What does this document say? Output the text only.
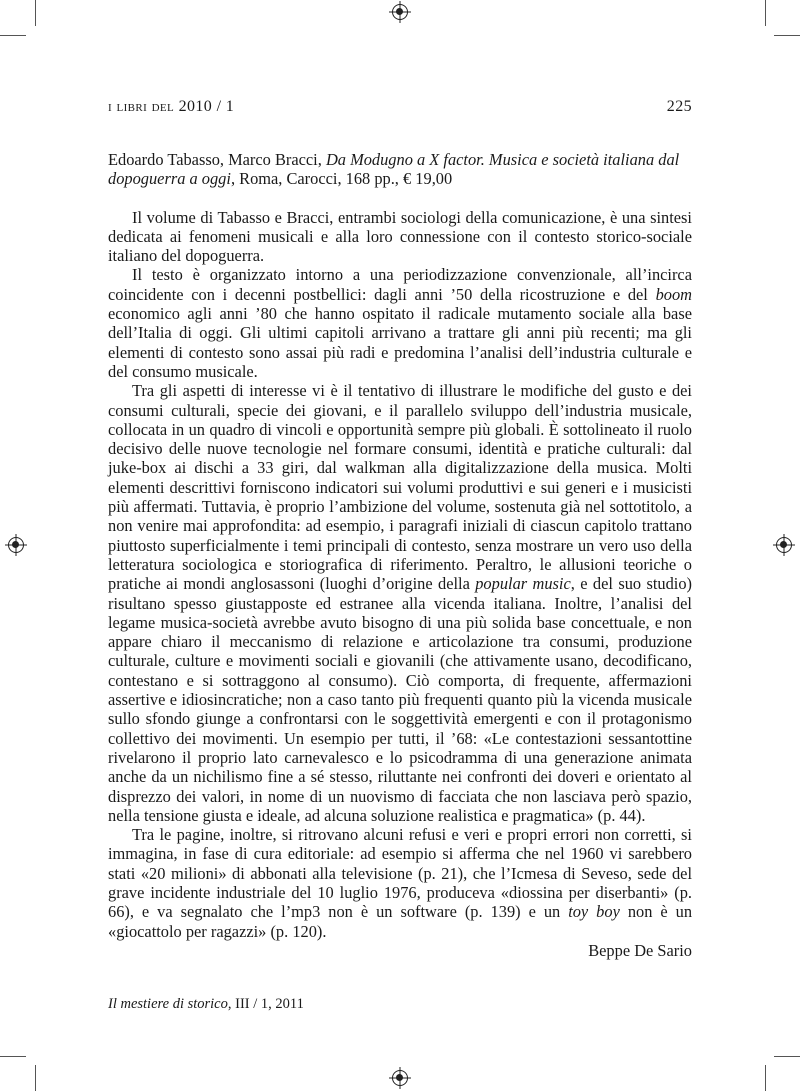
i libri del 2010 / 1	225

Edoardo Tabasso, Marco Bracci, Da Modugno a X factor. Musica e società italiana dal dopoguerra a oggi, Roma, Carocci, 168 pp., € 19,00

Il volume di Tabasso e Bracci, entrambi sociologi della comunicazione, è una sintesi dedicata ai fenomeni musicali e alla loro connessione con il contesto storico-sociale italiano del dopoguerra.

Il testo è organizzato intorno a una periodizzazione convenzionale, all’incirca coincidente con i decenni postbellici: dagli anni ’50 della ricostruzione e del boom economico agli anni ’80 che hanno ospitato il radicale mutamento sociale alla base dell’Italia di oggi. Gli ultimi capitoli arrivano a trattare gli anni più recenti; ma gli elementi di contesto sono assai più radi e predomina l’analisi dell’industria culturale e del consumo musicale.

Tra gli aspetti di interesse vi è il tentativo di illustrare le modifiche del gusto e dei consumi culturali, specie dei giovani, e il parallelo sviluppo dell’industria musicale, collocata in un quadro di vincoli e opportunità sempre più globali. È sottolineato il ruolo decisivo delle nuove tecnologie nel formare consumi, identità e pratiche culturali: dal juke-box ai dischi a 33 giri, dal walkman alla digitalizzazione della musica. Molti elementi descrittivi forniscono indicatori sui volumi produttivi e sui generi e i musicisti più affermati. Tuttavia, è proprio l’ambizione del volume, sostenuta già nel sottotitolo, a non venire mai approfondita: ad esempio, i paragrafi iniziali di ciascun capitolo trattano piuttosto superficialmente i temi principali di contesto, senza mostrare un vero uso della letteratura sociologica e storiografica di riferimento. Peraltro, le allusioni teoriche o pratiche ai mondi anglosassoni (luoghi d’origine della popular music, e del suo studio) risultano spesso giustapposte ed estranee alla vicenda italiana. Inoltre, l’analisi del legame musica-società avrebbe avuto bisogno di una più solida base concettuale, e non appare chiaro il meccanismo di relazione e articolazione tra consumi, produzione culturale, culture e movimenti sociali e giovanili (che attivamente usano, decodificano, contestano e si sottraggono al consumo). Ciò comporta, di frequente, affermazioni assertive e idiosincratiche; non a caso tanto più frequenti quanto più la vicenda musicale sullo sfondo giunge a confrontarsi con le soggettività emergenti e con il protagonismo collettivo dei movimenti. Un esempio per tutti, il ’68: «Le contestazioni sessantottine rivelarono il proprio lato carnevalesco e lo psicodramma di una generazione animata anche da un nichilismo fine a sé stesso, riluttante nei confronti dei doveri e orientato al disprezzo dei valori, in nome di un nuovismo di facciata che non lasciava però spazio, nella tensione giusta e ideale, ad alcuna soluzione realistica e pragmatica» (p. 44).

Tra le pagine, inoltre, si ritrovano alcuni refusi e veri e propri errori non corretti, si immagina, in fase di cura editoriale: ad esempio si afferma che nel 1960 vi sarebbero stati «20 milioni» di abbonati alla televisione (p. 21), che l’Icmesa di Seveso, sede del grave incidente industriale del 10 luglio 1976, produceva «diossina per diserbanti» (p. 66), e va segnalato che l’mp3 non è un software (p. 139) e un toy boy non è un «giocattolo per ragazzi» (p. 120).

Beppe De Sario

Il mestiere di storico, III / 1, 2011
